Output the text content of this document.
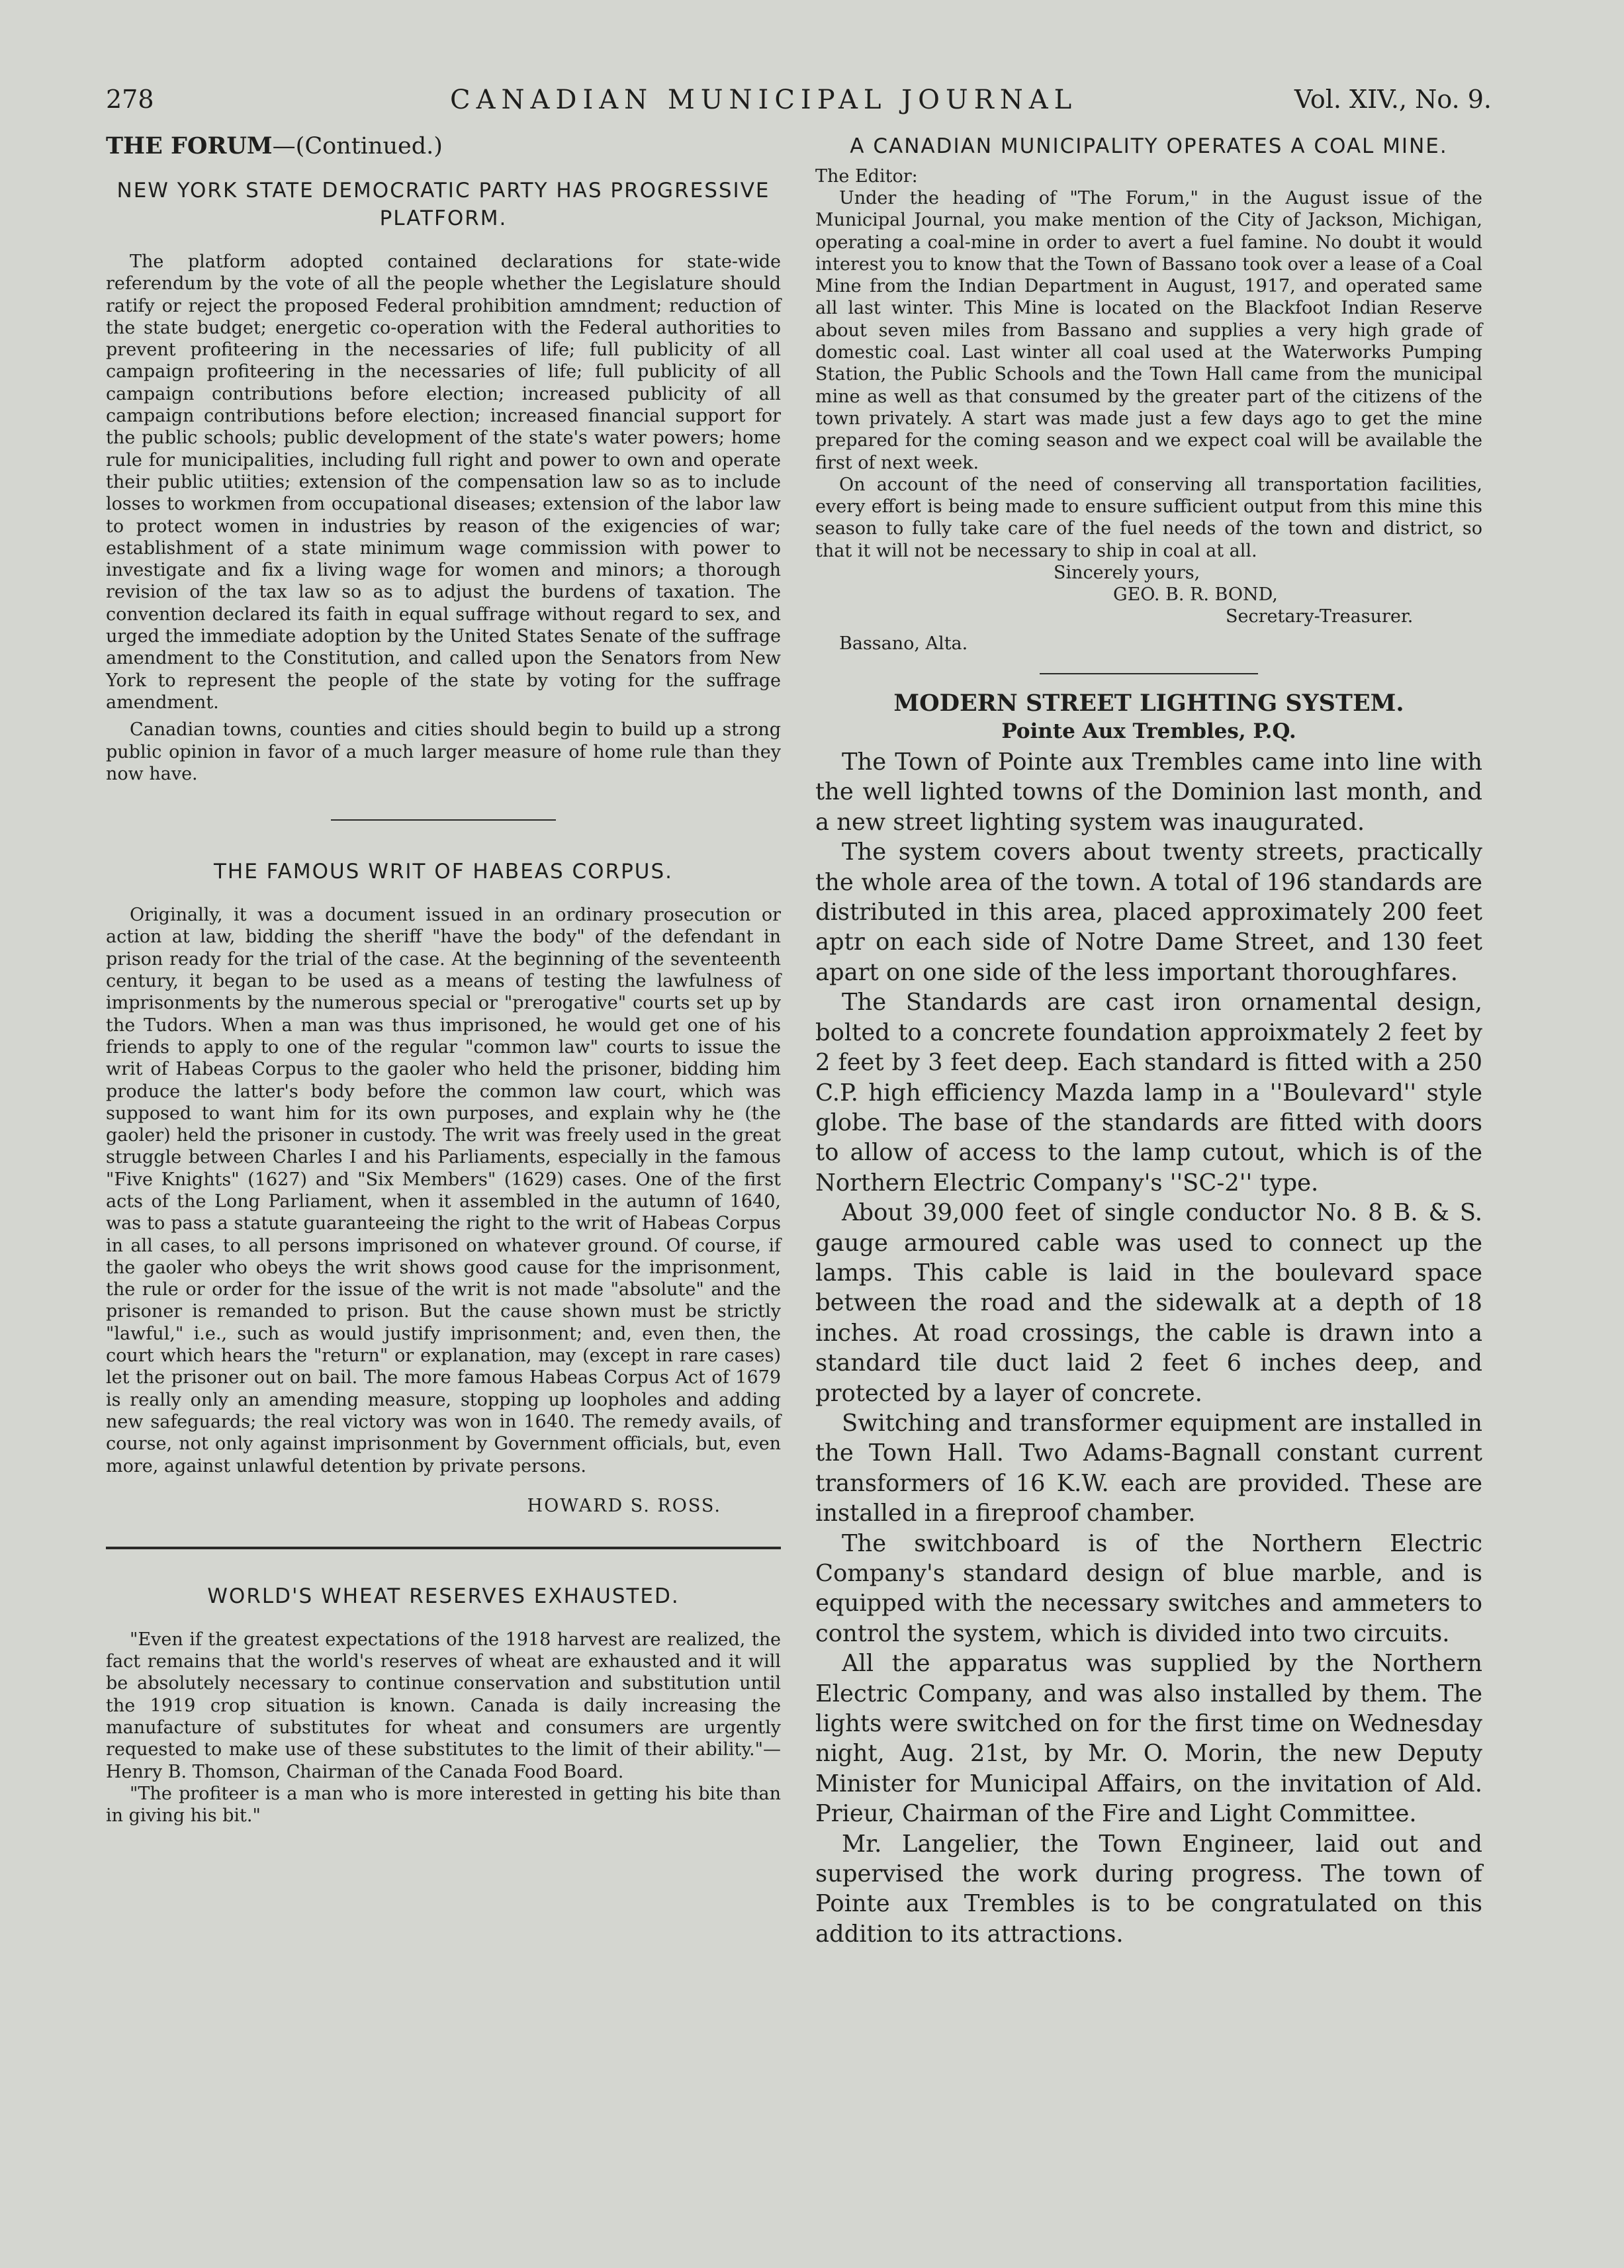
278	CANADIAN MUNICIPAL JOURNAL	Vol. XIV., No. 9.
THE FORUM—(Continued.)
NEW YORK STATE DEMOCRATIC PARTY HAS PROGRESSIVE PLATFORM.

The platform adopted contained declarations for state-wide referendum by the vote of all the people whether the Legislature should ratify or reject the proposed Federal prohibition amndment; reduction of the state budget; energetic co-operation with the Federal authorities to prevent profiteering in the necessaries of life; full publicity of all campaign profiteering in the necessaries of life; full publicity of all campaign contributions before election; increased publicity of all campaign contributions before election; increased financial support for the public schools; public development of the state's water powers; home rule for municipalities, including full right and power to own and operate their public utiities; extension of the compensation law so as to include losses to workmen from occupational diseases; extension of the labor law to protect women in industries by reason of the exigencies of war; establishment of a state minimum wage commission with power to investigate and fix a living wage for women and minors; a thorough revision of the tax law so as to adjust the burdens of taxation. The convention declared its faith in equal suffrage without regard to sex, and urged the immediate adoption by the United States Senate of the suffrage amendment to the Constitution, and called upon the Senators from New York to represent the people of the state by voting for the suffrage amendment.

Canadian towns, counties and cities should begin to build up a strong public opinion in favor of a much larger measure of home rule than they now have.

THE FAMOUS WRIT OF HABEAS CORPUS.

Originally, it was a document issued in an ordinary prosecution or action at law, bidding the sheriff "have the body" of the defendant in prison ready for the trial of the case. At the beginning of the seventeenth century, it began to be used as a means of testing the lawfulness of imprisonments by the numerous special or "prerogative" courts set up by the Tudors. When a man was thus imprisoned, he would get one of his friends to apply to one of the regular "common law" courts to issue the writ of Habeas Corpus to the gaoler who held the prisoner, bidding him produce the latter's body before the common law court, which was supposed to want him for its own purposes, and explain why he (the gaoler) held the prisoner in custody. The writ was freely used in the great struggle between Charles I and his Parliaments, especially in the famous "Five Knights" (1627) and "Six Members" (1629) cases. One of the first acts of the Long Parliament, when it assembled in the autumn of 1640, was to pass a statute guaranteeing the right to the writ of Habeas Corpus in all cases, to all persons imprisoned on whatever ground. Of course, if the gaoler who obeys the writ shows good cause for the imprisonment, the rule or order for the issue of the writ is not made "absolute" and the prisoner is remanded to prison. But the cause shown must be strictly "lawful," i.e., such as would justify imprisonment; and, even then, the court which hears the "return" or explanation, may (except in rare cases) let the prisoner out on bail. The more famous Habeas Corpus Act of 1679 is really only an amending measure, stopping up loopholes and adding new safeguards; the real victory was won in 1640. The remedy avails, of course, not only against imprisonment by Government officials, but, even more, against unlawful detention by private persons.

HOWARD S. ROSS.
WORLD'S WHEAT RESERVES EXHAUSTED.

"Even if the greatest expectations of the 1918 harvest are realized, the fact remains that the world's reserves of wheat are exhausted and it will be absolutely necessary to continue conservation and substitution until the 1919 crop situation is known. Canada is daily increasing the manufacture of substitutes for wheat and consumers are urgently requested to make use of these substitutes to the limit of their ability."—Henry B. Thomson, Chairman of the Canada Food Board.

"The profiteer is a man who is more interested in getting his bite than in giving his bit."

A CANADIAN MUNICIPALITY OPERATES A COAL MINE.

The Editor:

Under the heading of "The Forum," in the August issue of the Municipal Journal, you make mention of the City of Jackson, Michigan, operating a coal-mine in order to avert a fuel famine. No doubt it would interest you to know that the Town of Bassano took over a lease of a Coal Mine from the Indian Department in August, 1917, and operated same all last winter. This Mine is located on the Blackfoot Indian Reserve about seven miles from Bassano and supplies a very high grade of domestic coal. Last winter all coal used at the Waterworks Pumping Station, the Public Schools and the Town Hall came from the municipal mine as well as that consumed by the greater part of the citizens of the town privately. A start was made just a few days ago to get the mine prepared for the coming season and we expect coal will be available the first of next week.

On account of the need of conserving all transportation facilities, every effort is being made to ensure sufficient output from this mine this season to fully take care of the fuel needs of the town and district, so that it will not be necessary to ship in coal at all.

Sincerely yours,

GEO. B. R. BOND,

Secretary-Treasurer.

Bassano, Alta.

MODERN STREET LIGHTING SYSTEM.
Pointe Aux Trembles, P.Q.

The Town of Pointe aux Trembles came into line with the well lighted towns of the Dominion last month, and a new street lighting system was inaugurated.

The system covers about twenty streets, practically the whole area of the town. A total of 196 standards are distributed in this area, placed approximately 200 feet aptr on each side of Notre Dame Street, and 130 feet apart on one side of the less important thoroughfares.

The Standards are cast iron ornamental design, bolted to a concrete foundation approixmately 2 feet by 2 feet by 3 feet deep. Each standard is fitted with a 250 C.P. high efficiency Mazda lamp in a ''Boulevard'' style globe. The base of the standards are fitted with doors to allow of access to the lamp cutout, which is of the Northern Electric Company's ''SC-2'' type.

About 39,000 feet of single conductor No. 8 B. & S. gauge armoured cable was used to connect up the lamps. This cable is laid in the boulevard space between the road and the sidewalk at a depth of 18 inches. At road crossings, the cable is drawn into a standard tile duct laid 2 feet 6 inches deep, and protected by a layer of concrete.

Switching and transformer equipment are installed in the Town Hall. Two Adams-Bagnall constant current transformers of 16 K.W. each are provided. These are installed in a fireproof chamber.

The switchboard is of the Northern Electric Company's standard design of blue marble, and is equipped with the necessary switches and ammeters to control the system, which is divided into two circuits.

All the apparatus was supplied by the Northern Electric Company, and was also installed by them. The lights were switched on for the first time on Wednesday night, Aug. 21st, by Mr. O. Morin, the new Deputy Minister for Municipal Affairs, on the invitation of Ald. Prieur, Chairman of the Fire and Light Committee.

Mr. Langelier, the Town Engineer, laid out and supervised the work during progress. The town of Pointe aux Trembles is to be congratulated on this addition to its attractions.
